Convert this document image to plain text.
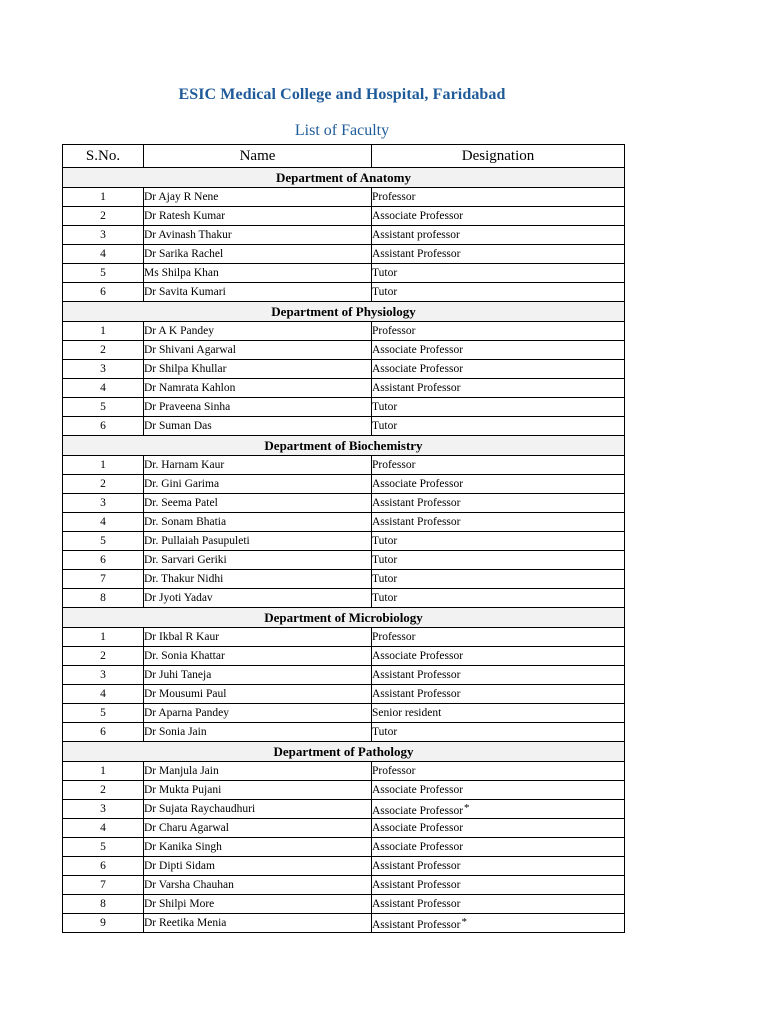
ESIC Medical College and Hospital, Faridabad
List of Faculty
S.No.	Name	Designation
Department of Anatomy		
1	Dr Ajay R Nene	Professor
2	Dr Ratesh Kumar	Associate Professor
3	Dr Avinash Thakur	Assistant professor
4	Dr Sarika Rachel	Assistant Professor
5	Ms Shilpa Khan	Tutor
6	Dr Savita Kumari	Tutor
Department of Physiology		
1	Dr A K Pandey	Professor
2	Dr Shivani Agarwal	Associate Professor
3	Dr Shilpa Khullar	Associate Professor
4	Dr Namrata Kahlon	Assistant Professor
5	Dr Praveena Sinha	Tutor
6	Dr Suman Das	Tutor
Department of Biochemistry		
1	Dr. Harnam Kaur	Professor
2	Dr. Gini Garima	Associate Professor
3	Dr. Seema Patel	Assistant Professor
4	Dr. Sonam Bhatia	Assistant Professor
5	Dr. Pullaiah Pasupuleti	Tutor
6	Dr. Sarvari Geriki	Tutor
7	Dr. Thakur Nidhi	Tutor
8	Dr Jyoti Yadav	Tutor
Department of Microbiology		
1	Dr Ikbal R Kaur	Professor
2	Dr. Sonia Khattar	Associate Professor
3	Dr Juhi Taneja	Assistant Professor
4	Dr Mousumi Paul	Assistant Professor
5	Dr Aparna Pandey	Senior resident
6	Dr Sonia Jain	Tutor
Department of Pathology		
1	Dr Manjula Jain	Professor
2	Dr Mukta Pujani	Associate Professor
3	Dr Sujata Raychaudhuri	Associate Professor*
4	Dr Charu Agarwal	Associate Professor
5	Dr Kanika Singh	Associate Professor
6	Dr Dipti Sidam	Assistant Professor
7	Dr Varsha Chauhan	Assistant Professor
8	Dr Shilpi More	Assistant Professor
9	Dr Reetika Menia	Assistant Professor*
